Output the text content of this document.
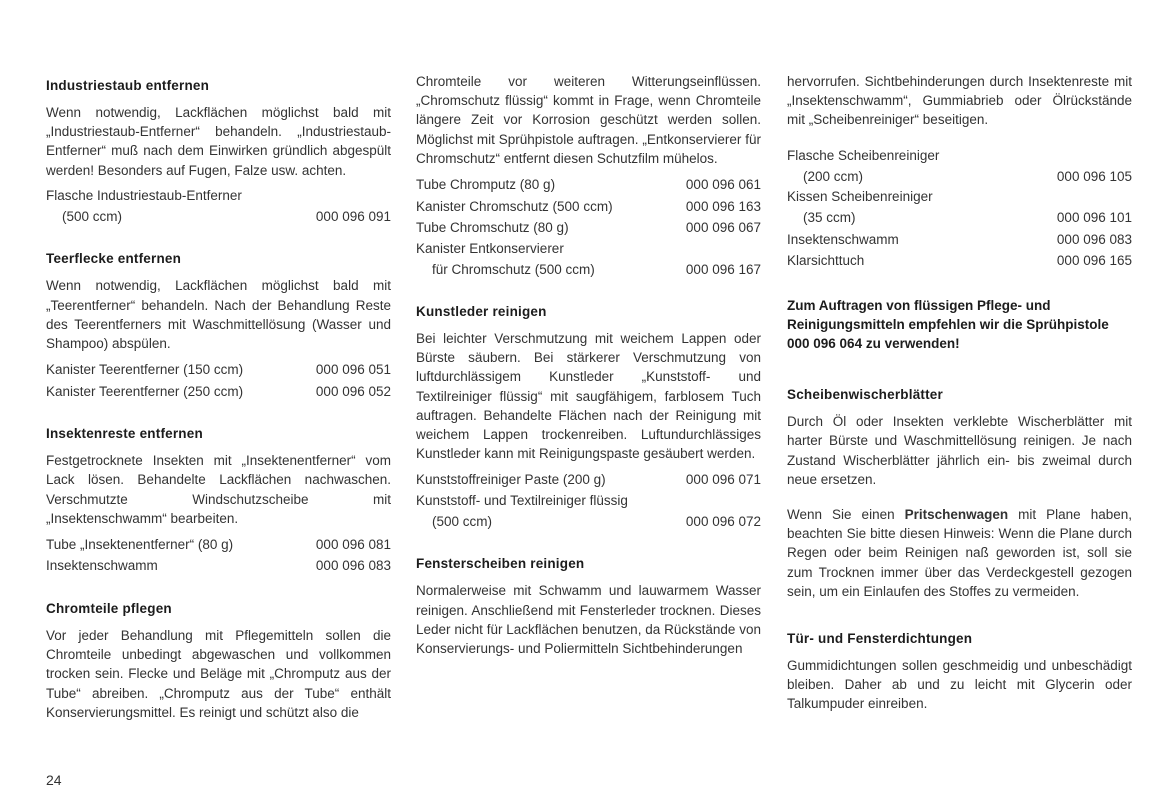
Industriestaub entfernen
Wenn notwendig, Lackflächen möglichst bald mit „Industriestaub-Entferner“ behandeln. „Industriestaub-Entferner“ muß nach dem Einwirken gründlich abgespült werden! Besonders auf Fugen, Falze usw. achten.
Flasche Industriestaub-Entferner
(500 ccm)	000 096 091
Teerflecke entfernen
Wenn notwendig, Lackflächen möglichst bald mit „Teerentferner“ behandeln. Nach der Behandlung Reste des Teerentferners mit Waschmittellösung (Wasser und Shampoo) abspülen.
Kanister Teerentferner (150 ccm)	000 096 051
Kanister Teerentferner (250 ccm)	000 096 052
Insektenreste entfernen
Festgetrocknete Insekten mit „Insektenentferner“ vom Lack lösen. Behandelte Lackflächen nachwaschen. Verschmutzte Windschutzscheibe mit „Insektenschwamm“ bearbeiten.
Tube „Insektenentferner“ (80 g)	000 096 081
Insektenschwamm	000 096 083
Chromteile pflegen
Vor jeder Behandlung mit Pflegemitteln sollen die Chromteile unbedingt abgewaschen und vollkommen trocken sein. Flecke und Beläge mit „Chromputz aus der Tube“ abreiben. „Chromputz aus der Tube“ enthält Konservierungsmittel. Es reinigt und schützt also die
Chromteile vor weiteren Witterungseinflüssen. „Chromschutz flüssig“ kommt in Frage, wenn Chromteile längere Zeit vor Korrosion geschützt werden sollen. Möglichst mit Sprühpistole auftragen. „Entkonservierer für Chromschutz“ entfernt diesen Schutzfilm mühelos.
Tube Chromputz (80 g)	000 096 061
Kanister Chromschutz (500 ccm)	000 096 163
Tube Chromschutz (80 g)	000 096 067
Kanister Entkonservierer
für Chromschutz (500 ccm)	000 096 167
Kunstleder reinigen
Bei leichter Verschmutzung mit weichem Lappen oder Bürste säubern. Bei stärkerer Verschmutzung von luftdurchlässigem Kunstleder „Kunststoff- und Textilreiniger flüssig“ mit saugfähigem, farblosem Tuch auftragen. Behandelte Flächen nach der Reinigung mit weichem Lappen trockenreiben. Luftundurchlässiges Kunstleder kann mit Reinigungspaste gesäubert werden.
Kunststoffreiniger Paste (200 g)	000 096 071
Kunststoff- und Textilreiniger flüssig
(500 ccm)	000 096 072
Fensterscheiben reinigen
Normalerweise mit Schwamm und lauwarmem Wasser reinigen. Anschließend mit Fensterleder trocknen. Dieses Leder nicht für Lackflächen benutzen, da Rückstände von Konservierungs- und Poliermitteln Sichtbehinderungen
hervorrufen. Sichtbehinderungen durch Insektenreste mit „Insektenschwamm“, Gummiabrieb oder Ölrückstände mit „Scheibenreiniger“ beseitigen.
Flasche Scheibenreiniger
(200 ccm)	000 096 105
Kissen Scheibenreiniger
(35 ccm)	000 096 101
Insektenschwamm	000 096 083
Klarsichttuch	000 096 165
Zum Auftragen von flüssigen Pflege- und Reinigungsmitteln empfehlen wir die Sprühpistole 000 096 064 zu verwenden!
Scheibenwischerblätter
Durch Öl oder Insekten verklebte Wischerblätter mit harter Bürste und Waschmittellösung reinigen. Je nach Zustand Wischerblätter jährlich ein- bis zweimal durch neue ersetzen.
Wenn Sie einen Pritschenwagen mit Plane haben, beachten Sie bitte diesen Hinweis: Wenn die Plane durch Regen oder beim Reinigen naß geworden ist, soll sie zum Trocknen immer über das Verdeckgestell gezogen sein, um ein Einlaufen des Stoffes zu vermeiden.
Tür- und Fensterdichtungen
Gummidichtungen sollen geschmeidig und unbeschädigt bleiben. Daher ab und zu leicht mit Glycerin oder Talkumpuder einreiben.
24
